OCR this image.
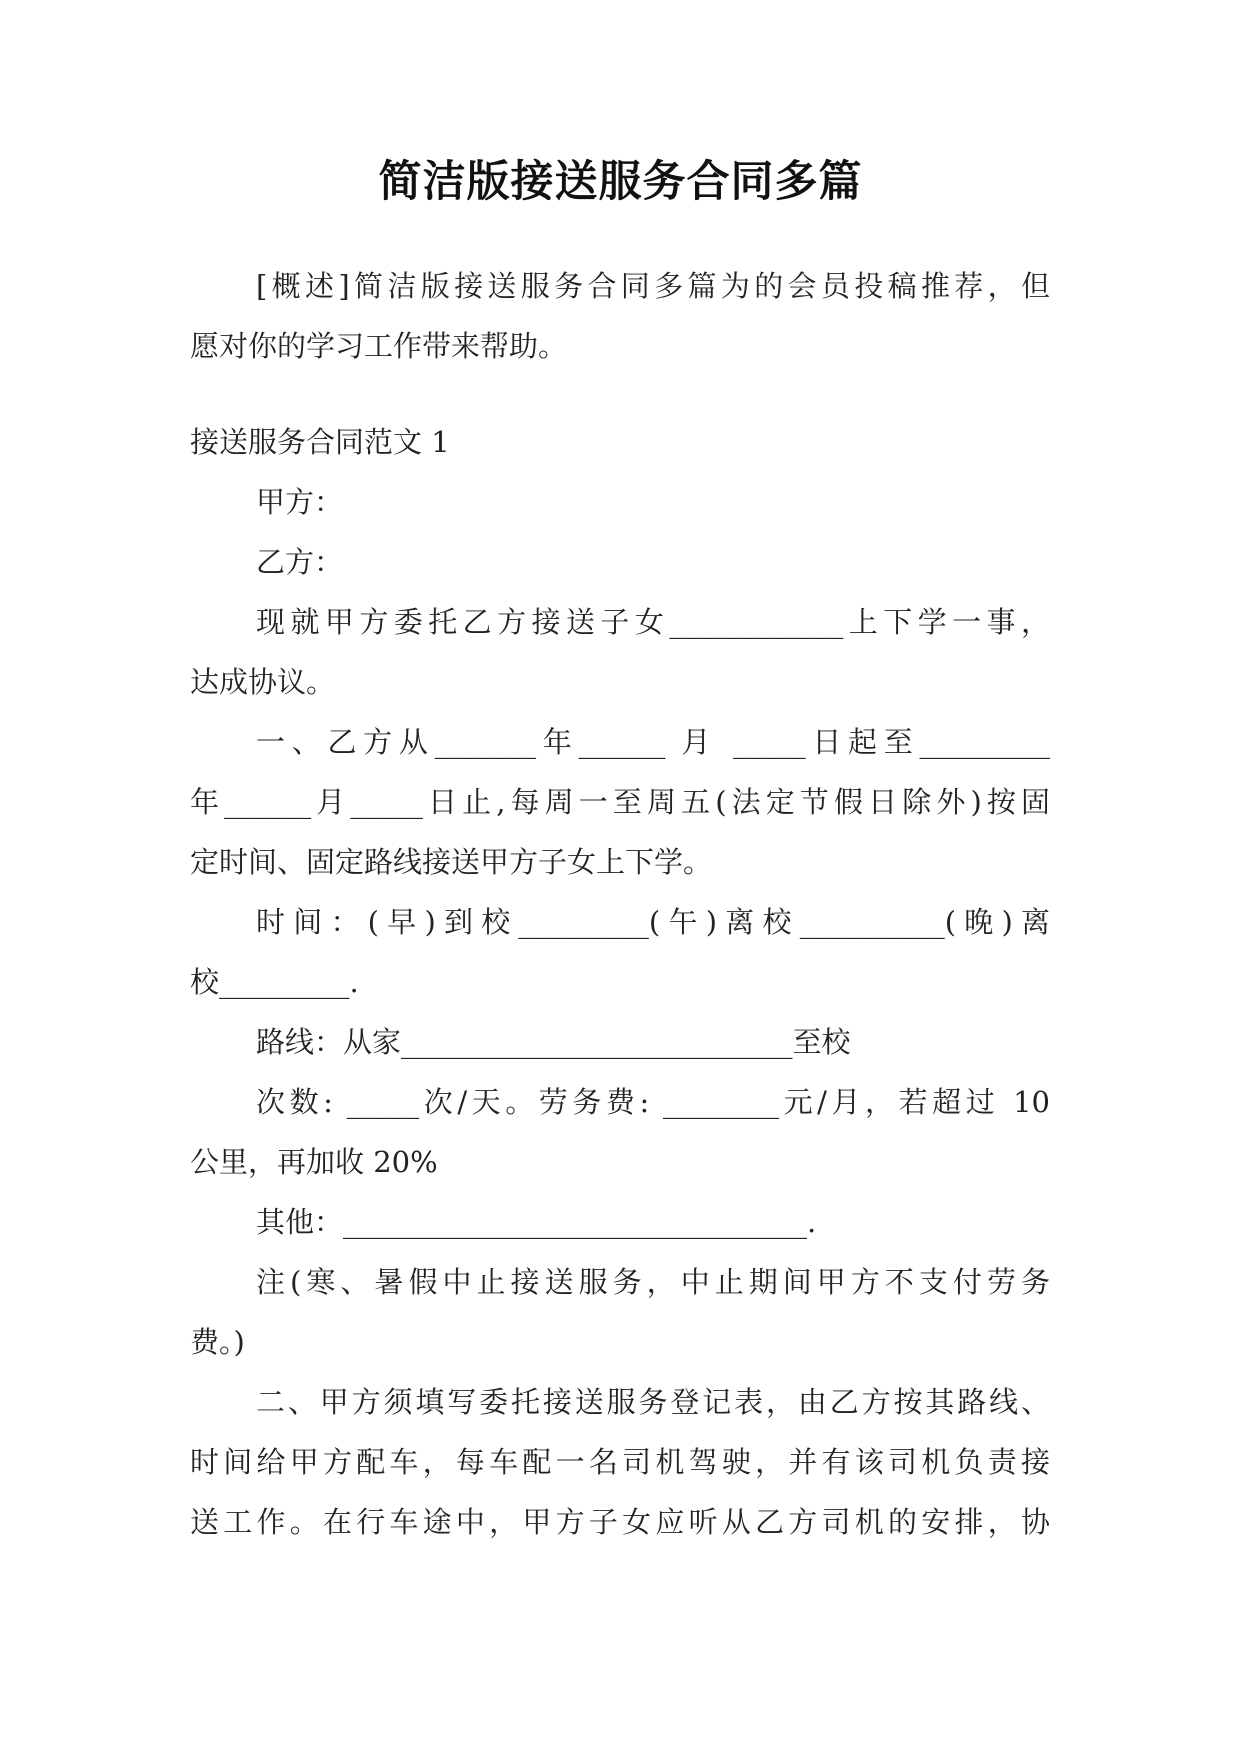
简洁版接送服务合同多篇
[概述]简洁版接送服务合同多篇为的会员投稿推荐，但
愿对你的学习工作带来帮助。
接送服务合同范文 1
甲方：
乙方：
现就甲方委托乙方接送子女____________上下学一事，
达成协议。
一、乙方从_______年______ 月 _____日起至_________
年______月_____日止,每周一至周五(法定节假日除外)按固
定时间、固定路线接送甲方子女上下学。
时间：(早)到校_________(午)离校__________(晚)离
校_________.
路线：从家___________________________至校
次数: _____次/天。劳务费: ________元/月，若超过 10
公里，再加收 20%
其他：________________________________.
注(寒、暑假中止接送服务，中止期间甲方不支付劳务
费。)
二、甲方须填写委托接送服务登记表，由乙方按其路线、
时间给甲方配车，每车配一名司机驾驶，并有该司机负责接
送工作。在行车途中，甲方子女应听从乙方司机的安排，协
